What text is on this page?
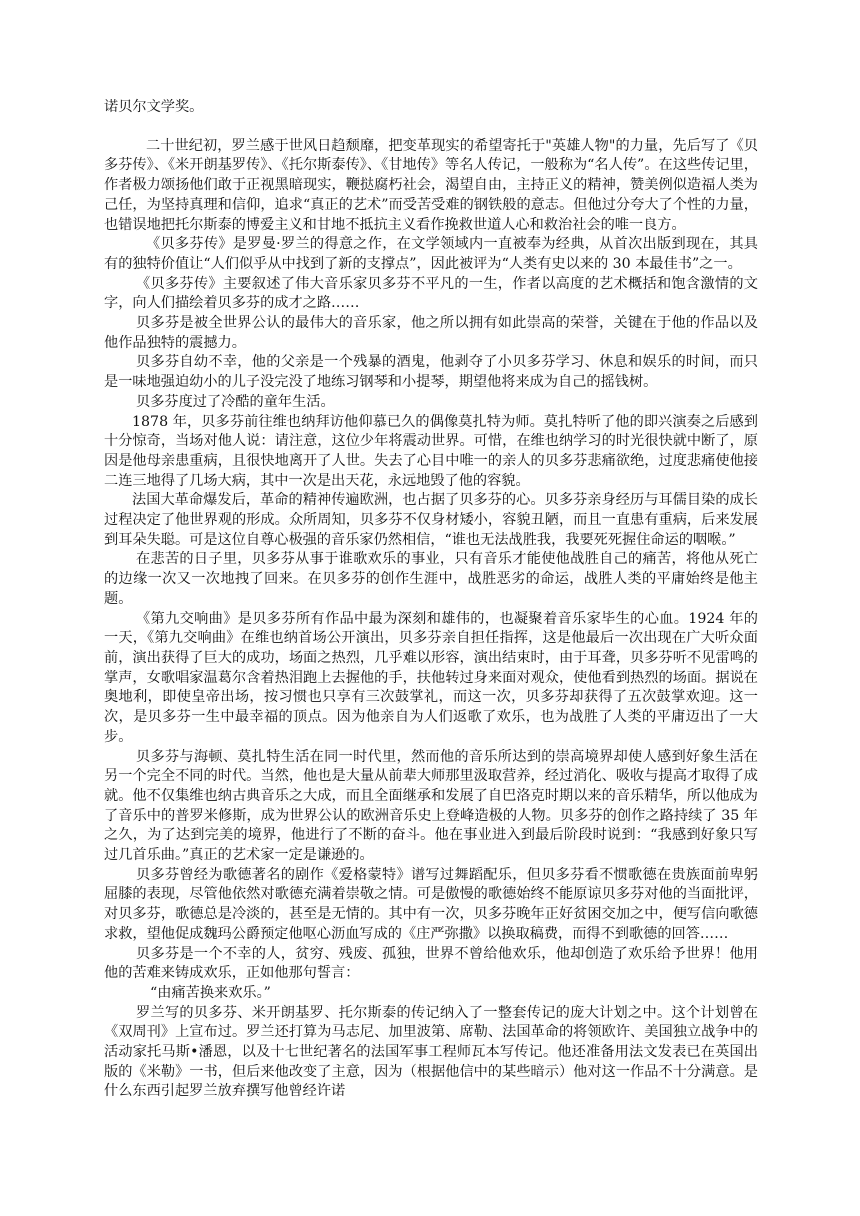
诺贝尔文学奖。

二十世纪初，罗兰感于世风日趋颓靡，把变革现实的希望寄托于"英雄人物"的力量，先后写了《贝多芬传》、《米开朗基罗传》、《托尔斯泰传》、《甘地传》等名人传记，一般称为“名人传”。在这些传记里，作者极力颂扬他们敢于正视黑暗现实，鞭挞腐朽社会，渴望自由，主持正义的精神，赞美例似造福人类为己任，为坚持真理和信仰，追求“真正的艺术”而受苦受难的钢铁般的意志。但他过分夸大了个性的力量，也错误地把托尔斯泰的博爱主义和甘地不抵抗主义看作挽救世道人心和救治社会的唯一良方。

《贝多芬传》是罗曼·罗兰的得意之作，在文学领域内一直被奉为经典，从首次出版到现在，其具有的独特价值让“人们似乎从中找到了新的支撑点”，因此被评为“人类有史以来的 30 本最佳书”之一。

《贝多芬传》主要叙述了伟大音乐家贝多芬不平凡的一生，作者以高度的艺术概括和饱含激情的文字，向人们描绘着贝多芬的成才之路……

贝多芬是被全世界公认的最伟大的音乐家，他之所以拥有如此崇高的荣誉，关键在于他的作品以及他作品独特的震撼力。

贝多芬自幼不幸，他的父亲是一个残暴的酒鬼，他剥夺了小贝多芬学习、休息和娱乐的时间，而只是一味地强迫幼小的儿子没完没了地练习钢琴和小提琴，期望他将来成为自己的摇钱树。

贝多芬度过了冷酷的童年生活。

1878 年，贝多芬前往维也纳拜访他仰慕已久的偶像莫扎特为师。莫扎特听了他的即兴演奏之后感到十分惊奇，当场对他人说：请注意，这位少年将震动世界。可惜，在维也纳学习的时光很快就中断了，原因是他母亲患重病，且很快地离开了人世。失去了心目中唯一的亲人的贝多芬悲痛欲绝，过度悲痛使他接二连三地得了几场大病，其中一次是出天花，永远地毁了他的容貌。

法国大革命爆发后，革命的精神传遍欧洲，也占据了贝多芬的心。贝多芬亲身经历与耳儒目染的成长过程决定了他世界观的形成。众所周知，贝多芬不仅身材矮小，容貌丑陋，而且一直患有重病，后来发展到耳朵失聪。可是这位自尊心极强的音乐家仍然相信，“谁也无法战胜我，我要死死握住命运的咽喉。”

在悲苦的日子里，贝多芬从事于谁歌欢乐的事业，只有音乐才能使他战胜自己的痛苦，将他从死亡的边缘一次又一次地拽了回来。在贝多芬的创作生涯中，战胜恶劣的命运，战胜人类的平庸始终是他主题。

《第九交响曲》是贝多芬所有作品中最为深刻和雄伟的，也凝聚着音乐家毕生的心血。1924 年的一天，《第九交响曲》在维也纳首场公开演出，贝多芬亲自担任指挥，这是他最后一次出现在广大听众面前，演出获得了巨大的成功，场面之热烈，几乎难以形容，演出结束时，由于耳聋，贝多芬听不见雷鸣的掌声，女歌唱家温葛尔含着热泪跑上去握他的手，扶他转过身来面对观众，使他看到热烈的场面。据说在奥地利，即使皇帝出场，按习惯也只享有三次鼓掌礼，而这一次，贝多芬却获得了五次鼓掌欢迎。这一次，是贝多芬一生中最幸福的顶点。因为他亲自为人们返歌了欢乐，也为战胜了人类的平庸迈出了一大步。

贝多芬与海顿、莫扎特生活在同一时代里，然而他的音乐所达到的崇高境界却使人感到好象生活在另一个完全不同的时代。当然，他也是大量从前辈大师那里汲取营养，经过消化、吸收与提高才取得了成就。他不仅集维也纳古典音乐之大成，而且全面继承和发展了自巴洛克时期以来的音乐精华，所以他成为了音乐中的普罗米修斯，成为世界公认的欧洲音乐史上登峰造极的人物。贝多芬的创作之路持续了 35 年之久，为了达到完美的境界，他进行了不断的奋斗。他在事业进入到最后阶段时说到：“我感到好象只写过几首乐曲。”真正的艺术家一定是谦逊的。

贝多芬曾经为歌德著名的剧作《爱格蒙特》谱写过舞蹈配乐，但贝多芬看不惯歌德在贵族面前卑躬屈膝的表现，尽管他依然对歌德充满着崇敬之情。可是傲慢的歌德始终不能原谅贝多芬对他的当面批评，对贝多芬，歌德总是冷淡的，甚至是无情的。其中有一次，贝多芬晚年正好贫困交加之中，便写信向歌德求救，望他促成魏玛公爵预定他呕心沥血写成的《庄严弥撒》以换取稿费，而得不到歌德的回答……

贝多芬是一个不幸的人，贫穷、残废、孤独，世界不曾给他欢乐，他却创造了欢乐给予世界！他用他的苦难来铸成欢乐，正如他那句誓言：

“由痛苦换来欢乐。”

罗兰写的贝多芬、米开朗基罗、托尔斯泰的传记纳入了一整套传记的庞大计划之中。这个计划曾在《双周刊》上宣布过。罗兰还打算为马志尼、加里波第、席勒、法国革命的将领欧许、美国独立战争中的活动家托马斯•潘恩，以及十七世纪著名的法国军事工程师瓦本写传记。他还准备用法文发表已在英国出版的《米勒》一书，但后来他改变了主意，因为（根据他信中的某些暗示）他对这一作品不十分满意。是什么东西引起罗兰放弃撰写他曾经许诺
